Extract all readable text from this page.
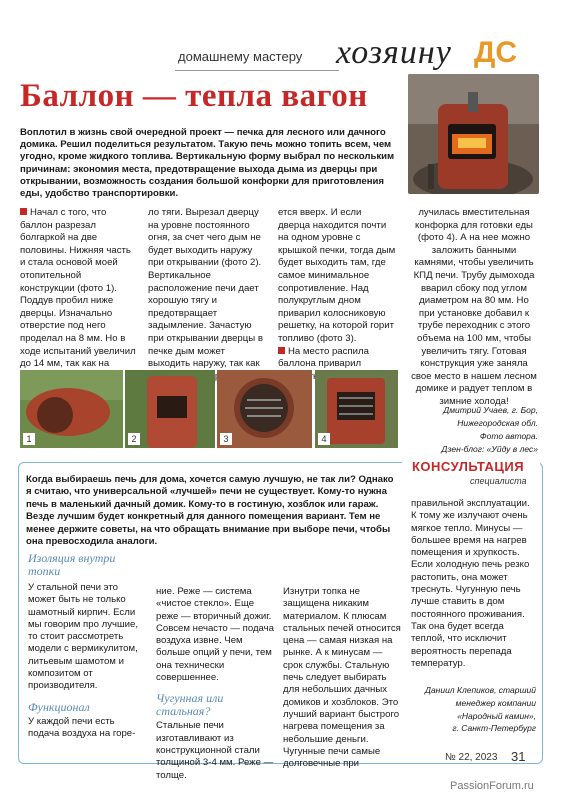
домашнему мастеру хозяину ДС
Баллон — тепла вагон
Воплотил в жизнь свой очередной проект — печка для лесного или дачного домика. Решил поделиться результатом. Такую печь можно топить всем, чем угодно, кроме жидкого топлива. Вертикальную форму выбрал по нескольким причинам: экономия места, предотвращение выхода дыма из дверцы при открывании, возможность создания большой конфорки для приготовления еды, удобство транспортировки.
Начал с того, что баллон разрезал болгаркой на две половины. Нижняя часть и стала основой моей отопительной конструкции (фото 1). Поддув пробил ниже дверцы. Изначально отверстие под него проделал на 8 мм. Но в ходе испытаний увеличил до 14 мм, так как на
ло тяги. Вырезал дверцу на уровне постоянного огня, за счет чего дым не будет выходить наружу при открывании (фото 2). Вертикальное расположение печи дает хорошую тягу и предотвращает задымление. Зачастую при открывании дверцы в печке дым может выходить наружу, так как
ется вверх. И если дверца находится почти на одном уровне с крышкой печки, тогда дым будет выходить там, где самое минимальное сопротивление. Над полукруглым дном приварил колосниковую решетку, на которой горит топливо (фото 3).
На место распила баллона приварил
лучилась вместительная конфорка для готовки еды (фото 4). А на нее можно заложить банными камнями, чтобы увеличить КПД печи. Трубу дымохода вварил сбоку под углом диаметром на 80 мм. Но при установке добавил к трубе переходник с этого объема на 100 мм, чтобы увеличить тягу. Готовая конструкция уже заняла свое место в нашем лесном домике и радует теплом в зимние холода!
1	2	3	4
Дмитрий Учаев, г. Бор,
Нижегородская обл.
Фото автора.
Дзен-блог: «Уйду в лес»
КОНСУЛЬТАЦИЯ
специалиста
Когда выбираешь печь для дома, хочется самую лучшую, не так ли? Однако я считаю, что универсальной «лучшей» печи не существует. Кому-то нужна печь в маленький дачный домик. Кому-то в гостиную, хозблок или гараж. Везде лучшим будет конкретный для данного помещения вариант. Тем не менее держите советы, на что обращать внимание при выборе печи, чтобы она превосходила аналоги.
Изоляция внутри топки
У стальной печи это может быть не только шамотный кирпич. Если мы говорим про лучшие, то стоит рассмотреть модели с вермикулитом, литьевым шамотом и композитом от производителя.
Функционал
У каждой печи есть подача воздуха на горе-
ние. Реже — система «чистое стекло». Еще реже — вторичный дожиг. Совсем нечасто — подача воздуха извне. Чем больше опций у печи, тем она технически совершеннее.
Чугунная или стальная?
Стальные печи изготавливают из конструкционной стали толщиной 3-4 мм. Реже — толще.
Изнутри топка не защищена никаким материалом. К плюсам стальных печей относится цена — самая низкая на рынке. А к минусам — срок службы. Стальную печь следует выбирать для небольших дачных домиков и хозблоков. Это лучший вариант быстрого нагрева помещения за небольшие деньги. Чугунные печи самые долговечные при
правильной эксплуатации. К тому же излучают очень мягкое тепло. Минусы — большее время на нагрев помещения и хрупкость. Если холодную печь резко растопить, она может треснуть. Чугунную печь лучше ставить в дом постоянного проживания. Так она будет всегда теплой, что исключит вероятность перепада температур.
Даниил Клепиков, старший
менеджер компании
«Народный камин»,
г. Санкт-Петербург
№ 22, 2023 31
PassionForum.ru
